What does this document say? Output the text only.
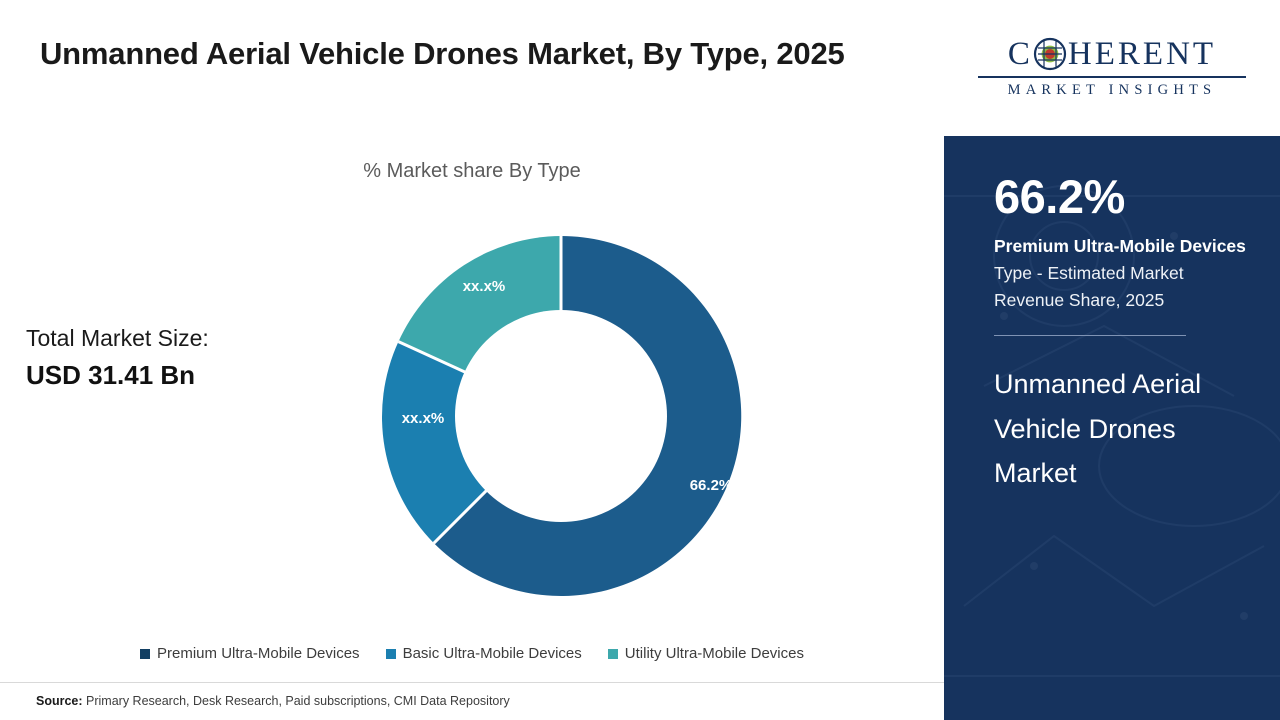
Unmanned Aerial Vehicle Drones Market, By Type, 2025
% Market share By Type
Total Market Size:
USD 31.41 Bn
66.2%
xx.x%
xx.x%
Premium Ultra-Mobile Devices	Basic Ultra-Mobile Devices	Utility Ultra-Mobile Devices
Source: Primary Research, Desk Research, Paid subscriptions, CMI Data Repository
C HERENT
MARKET INSIGHTS
66.2%
Premium Ultra-Mobile Devices Type - Estimated Market Revenue Share, 2025
Unmanned Aerial Vehicle Drones Market
